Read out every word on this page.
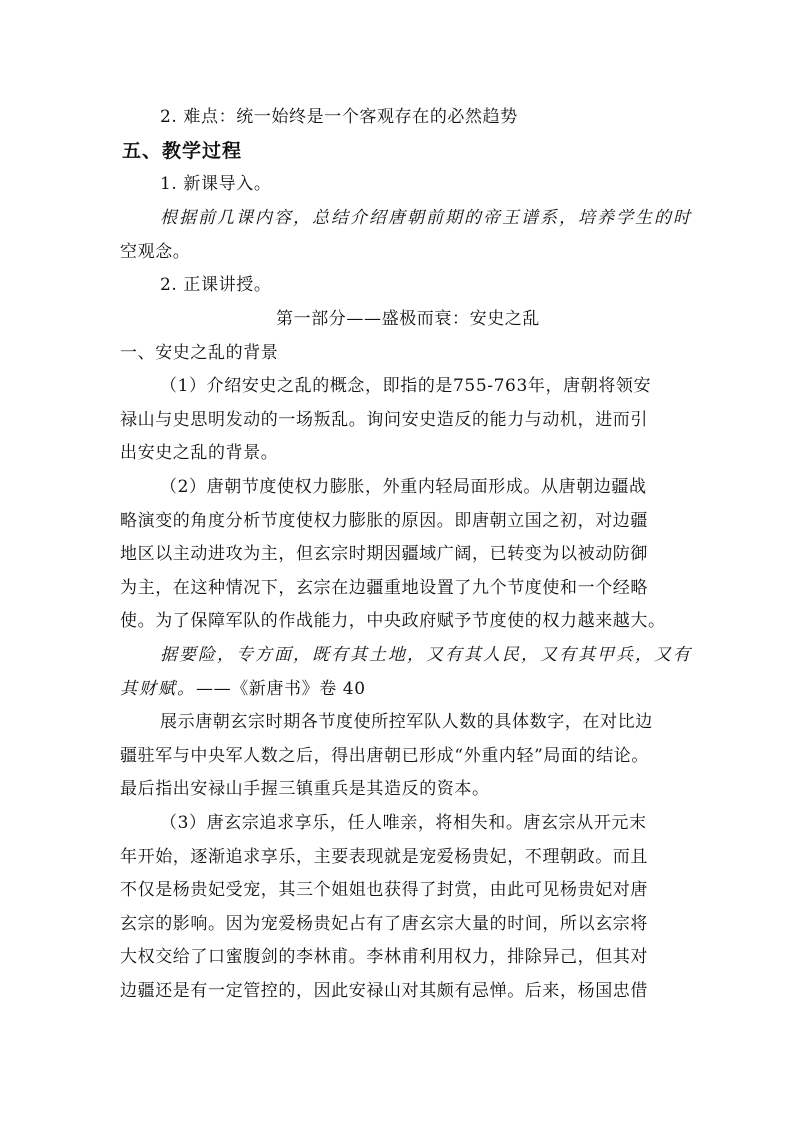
2. 难点：统一始终是一个客观存在的必然趋势
五、教学过程
1. 新课导入。
根据前几课内容，总结介绍唐朝前期的帝王谱系，培养学生的时
空观念。
2. 正课讲授。
第一部分——盛极而衰：安史之乱
一、安史之乱的背景
（1）介绍安史之乱的概念，即指的是755-763年，唐朝将领安
禄山与史思明发动的一场叛乱。询问安史造反的能力与动机，进而引
出安史之乱的背景。
（2）唐朝节度使权力膨胀，外重内轻局面形成。从唐朝边疆战
略演变的角度分析节度使权力膨胀的原因。即唐朝立国之初，对边疆
地区以主动进攻为主，但玄宗时期因疆域广阔，已转变为以被动防御
为主，在这种情况下，玄宗在边疆重地设置了九个节度使和一个经略
使。为了保障军队的作战能力，中央政府赋予节度使的权力越来越大。
据要险，专方面，既有其土地，又有其人民，又有其甲兵，又有
其财赋。——《新唐书》卷 40
展示唐朝玄宗时期各节度使所控军队人数的具体数字，在对比边
疆驻军与中央军人数之后，得出唐朝已形成“外重内轻”局面的结论。
最后指出安禄山手握三镇重兵是其造反的资本。
（3）唐玄宗追求享乐，任人唯亲，将相失和。唐玄宗从开元末
年开始，逐渐追求享乐，主要表现就是宠爱杨贵妃，不理朝政。而且
不仅是杨贵妃受宠，其三个姐姐也获得了封赏，由此可见杨贵妃对唐
玄宗的影响。因为宠爱杨贵妃占有了唐玄宗大量的时间，所以玄宗将
大权交给了口蜜腹剑的李林甫。李林甫利用权力，排除异己，但其对
边疆还是有一定管控的，因此安禄山对其颇有忌惮。后来，杨国忠借
